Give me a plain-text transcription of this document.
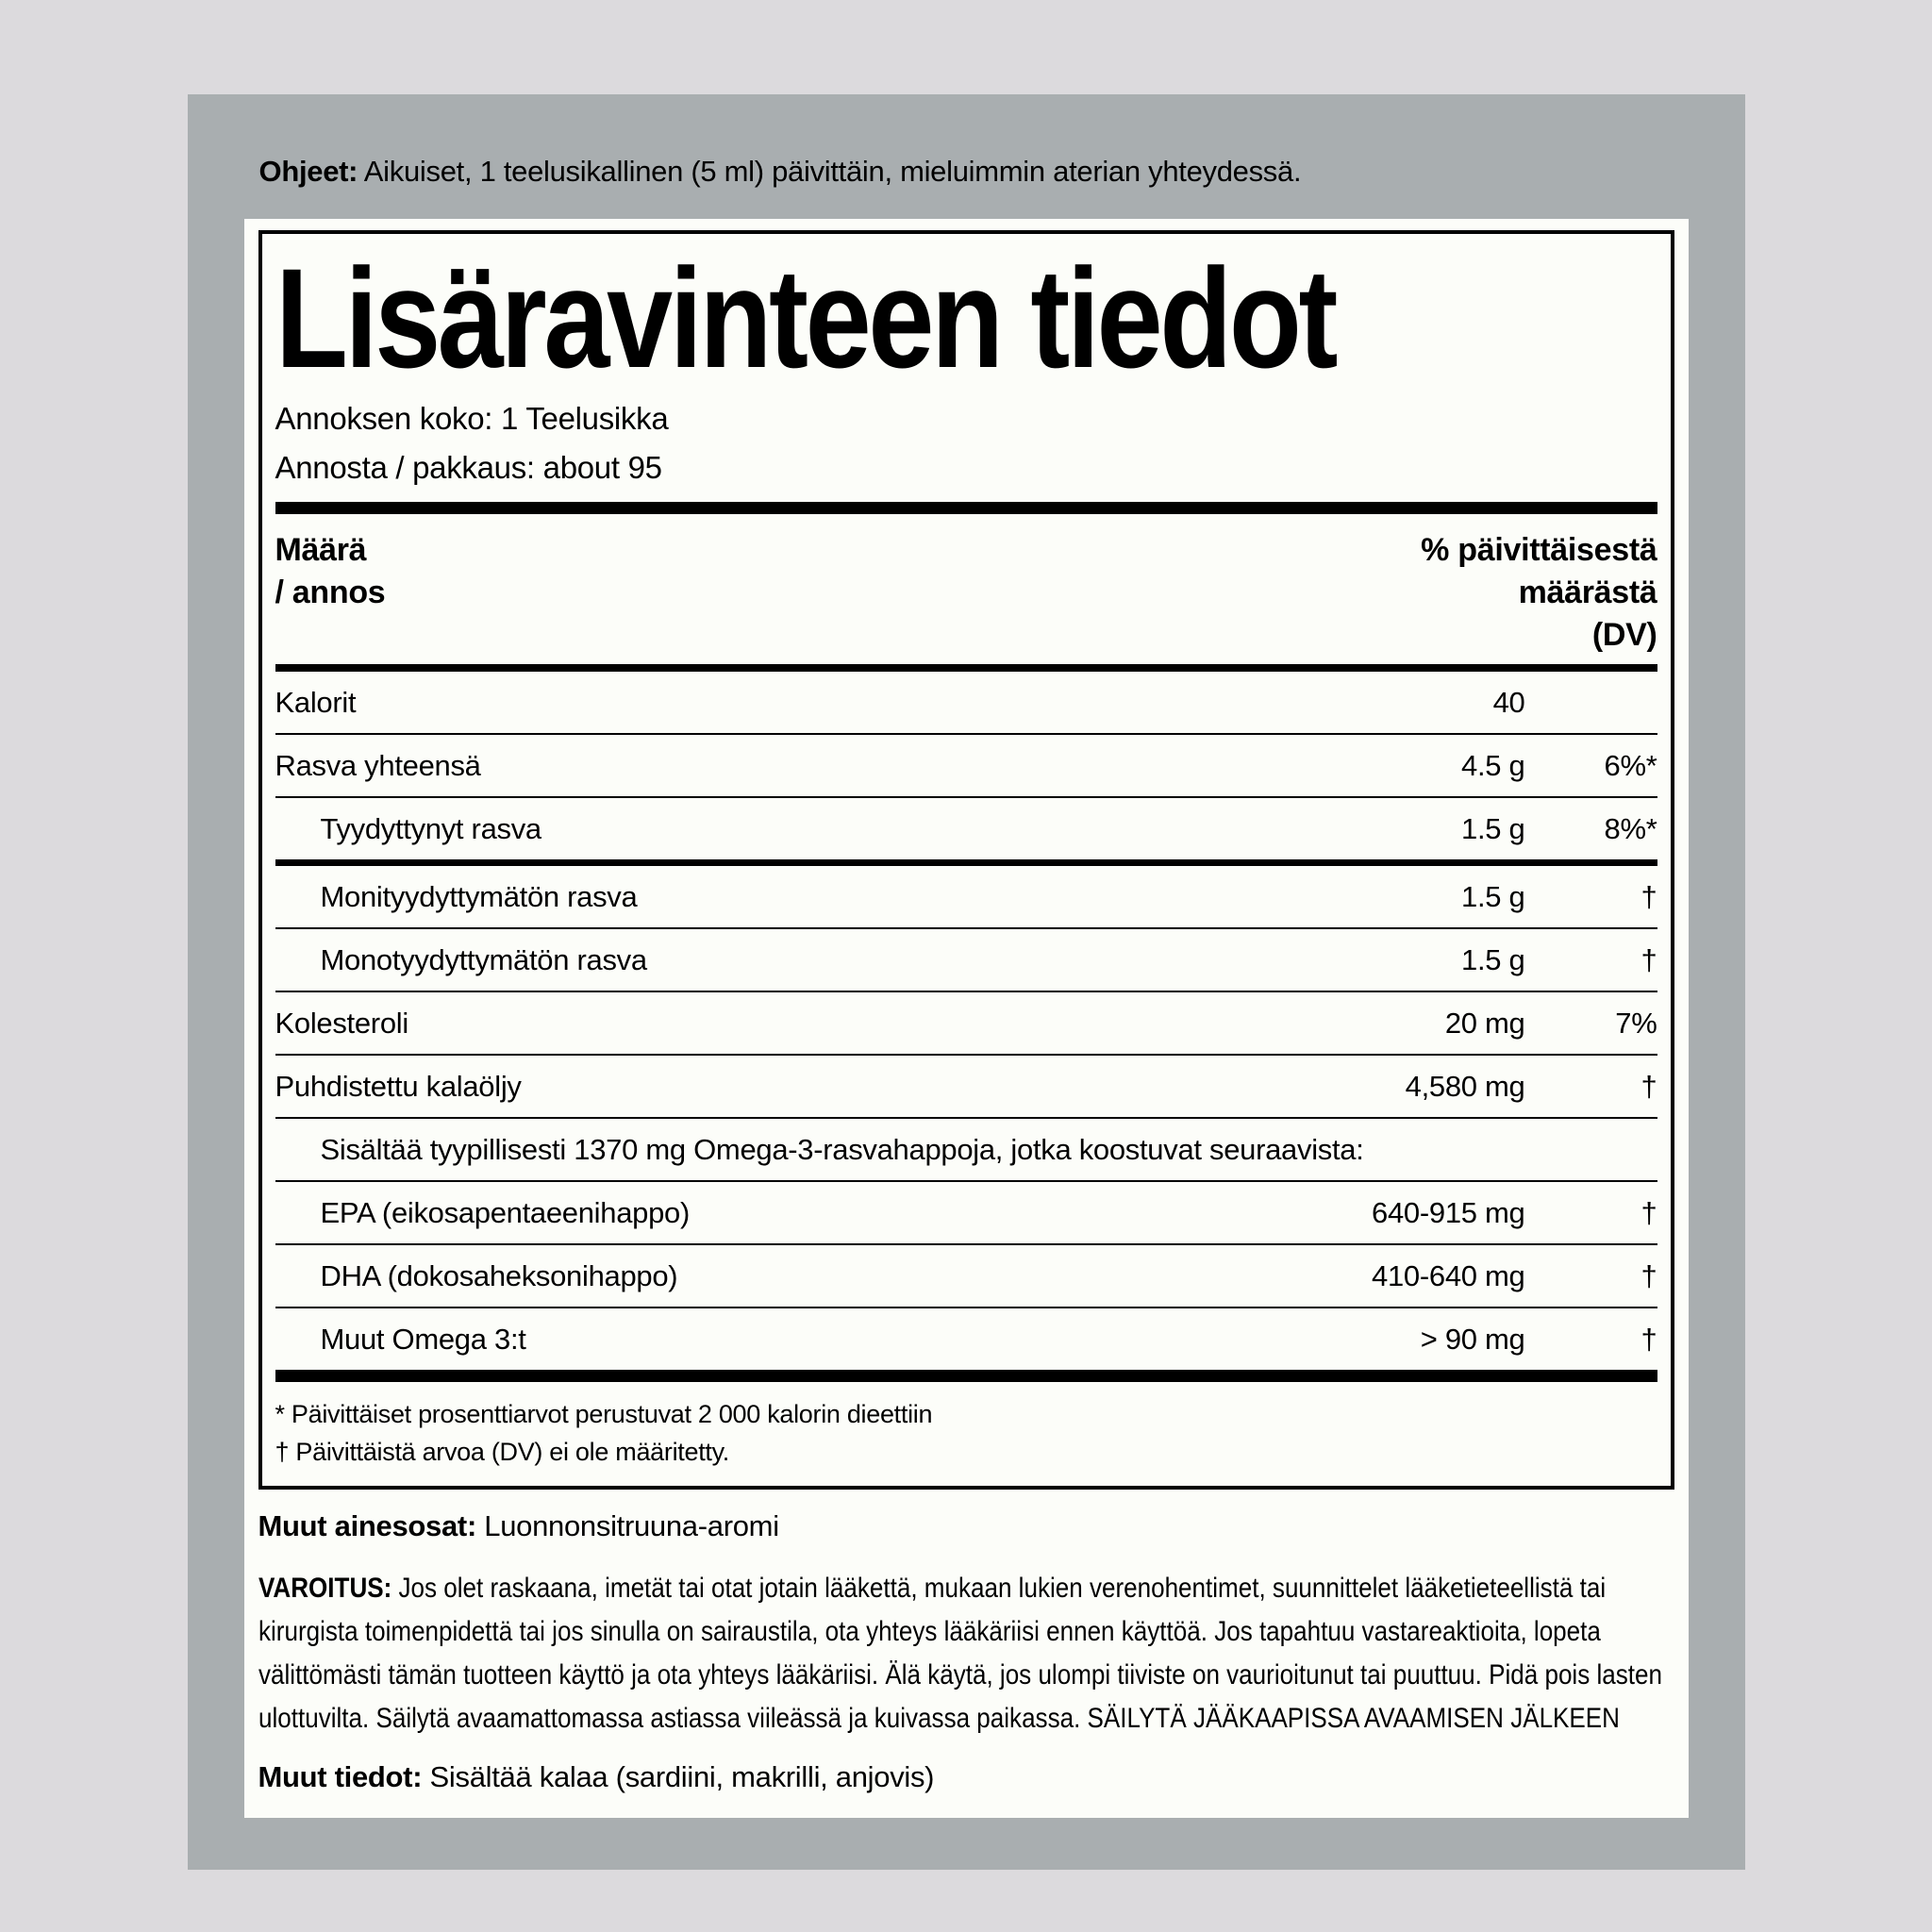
Ohjeet: Aikuiset, 1 teelusikallinen (5 ml) päivittäin, mieluimmin aterian yhteydessä.

Lisäravinteen tiedot

Annoksen koko: 1 Teelusikka

Annosta / pakkaus: about 95

Määrä
/ annos
% päivittäisestä
määrästä
(DV)
Kalorit	40
Rasva yhteensä	4.5 g	6%*
Tyydyttynyt rasva	1.5 g	8%*
Monityydyttymätön rasva	1.5 g	†
Monotyydyttymätön rasva	1.5 g	†
Kolesteroli	20 mg	7%
Puhdistettu kalaöljy	4,580 mg	†
Sisältää tyypillisesti 1370 mg Omega-3-rasvahappoja, jotka koostuvat seuraavista:
EPA (eikosapentaeenihappo)	640-915 mg	†
DHA (dokosaheksonihappo)	410-640 mg	†
Muut Omega 3:t	> 90 mg	†

* Päivittäiset prosenttiarvot perustuvat 2 000 kalorin dieettiin

† Päivittäistä arvoa (DV) ei ole määritetty.

Muut ainesosat: Luonnonsitruuna-aromi

VAROITUS: Jos olet raskaana, imetät tai otat jotain lääkettä, mukaan lukien verenohentimet, suunnittelet lääketieteellistä tai kirurgista toimenpidettä tai jos sinulla on sairaustila, ota yhteys lääkäriisi ennen käyttöä. Jos tapahtuu vastareaktioita, lopeta välittömästi tämän tuotteen käyttö ja ota yhteys lääkäriisi. Älä käytä, jos ulompi tiiviste on vaurioitunut tai puuttuu. Pidä pois lasten ulottuvilta. Säilytä avaamattomassa astiassa viileässä ja kuivassa paikassa. SÄILYTÄ JÄÄKAAPISSA AVAAMISEN JÄLKEEN

Muut tiedot: Sisältää kalaa (sardiini, makrilli, anjovis)
